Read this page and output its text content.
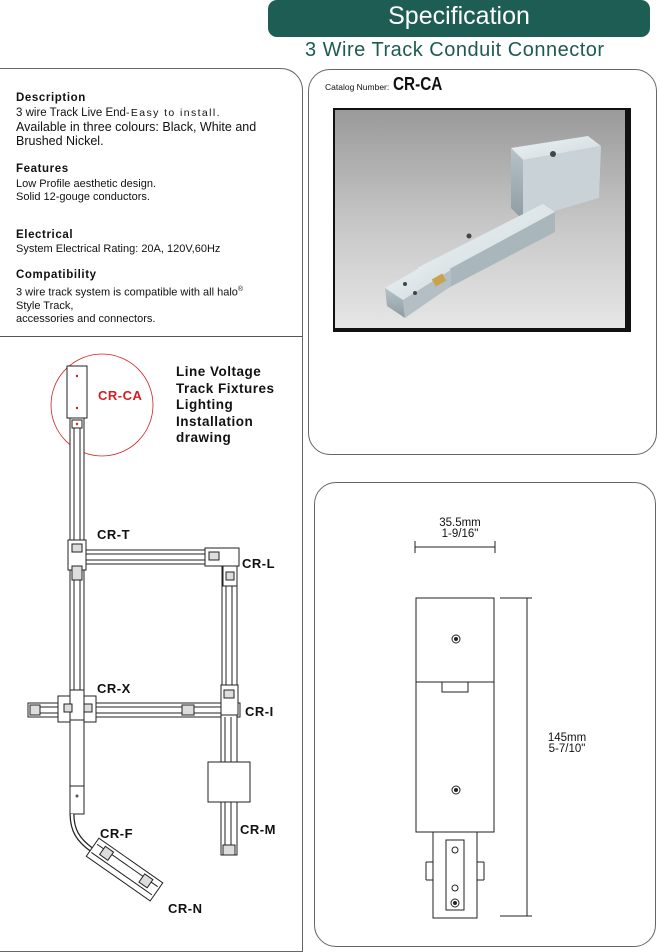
Specification
3 Wire Track Conduit Connector
Description
3 wire Track Live End-Easy to install.
Available in three colours: Black, White and
Brushed Nickel.
Features
Low Profile aesthetic design.
Solid 12-gouge conductors.
Electrical
System Electrical Rating: 20A, 120V,60Hz
Compatibility
3 wire track system is compatible with all halo®
Style Track,
accessories and connectors.
Line Voltage
Track Fixtures
Lighting
Installation
drawing
CR-CA
CR-T
CR-L
CR-X
CR-I
CR-M
CR-F
CR-N
Catalog Number: CR-CA
35.5mm
1-9/16"
145mm
5-7/10"
